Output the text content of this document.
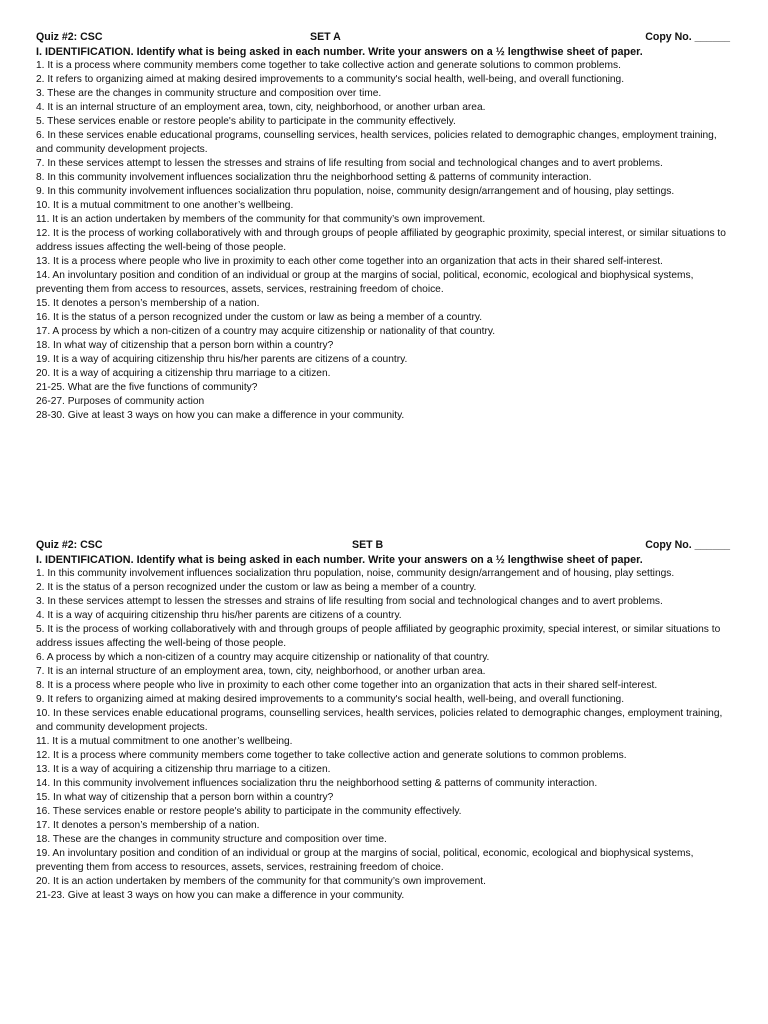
Quiz #2: CSC	SET A	Copy No. ______

I. IDENTIFICATION. Identify what is being asked in each number. Write your answers on a ½ lengthwise sheet of paper.

1. It is a process where community members come together to take collective action and generate solutions to common problems.
2. It refers to organizing aimed at making desired improvements to a community's social health, well-being, and overall functioning.
3. These are the changes in community structure and composition over time.
4. It is an internal structure of an employment area, town, city, neighborhood, or another urban area.
5. These services enable or restore people's ability to participate in the community effectively.
6. In these services enable educational programs, counselling services, health services, policies related to demographic changes, employment training, and community development projects.
7. In these services attempt to lessen the stresses and strains of life resulting from social and technological changes and to avert problems.
8. In this community involvement influences socialization thru the neighborhood setting & patterns of community interaction.
9. In this community involvement influences socialization thru population, noise, community design/arrangement and of housing, play settings.
10. It is a mutual commitment to one another’s wellbeing.
11. It is an action undertaken by members of the community for that community’s own improvement.
12. It is the process of working collaboratively with and through groups of people affiliated by geographic proximity, special interest, or similar situations to address issues affecting the well-being of those people.
13. It is a process where people who live in proximity to each other come together into an organization that acts in their shared self-interest.
14. An involuntary position and condition of an individual or group at the margins of social, political, economic, ecological and biophysical systems, preventing them from access to resources, assets, services, restraining freedom of choice.
15. It denotes a person’s membership of a nation.
16. It is the status of a person recognized under the custom or law as being a member of a country.
17. A process by which a non-citizen of a country may acquire citizenship or nationality of that country.
18. In what way of citizenship that a person born within a country?
19. It is a way of acquiring citizenship thru his/her parents are citizens of a country.
20. It is a way of acquiring a citizenship thru marriage to a citizen.
21-25. What are the five functions of community?
26-27. Purposes of community action
28-30. Give at least 3 ways on how you can make a difference in your community.
Quiz #2: CSC	SET B	Copy No. ______

I. IDENTIFICATION. Identify what is being asked in each number. Write your answers on a ½ lengthwise sheet of paper.

1. In this community involvement influences socialization thru population, noise, community design/arrangement and of housing, play settings.
2. It is the status of a person recognized under the custom or law as being a member of a country.
3. In these services attempt to lessen the stresses and strains of life resulting from social and technological changes and to avert problems.
4. It is a way of acquiring citizenship thru his/her parents are citizens of a country.
5. It is the process of working collaboratively with and through groups of people affiliated by geographic proximity, special interest, or similar situations to address issues affecting the well-being of those people.
6. A process by which a non-citizen of a country may acquire citizenship or nationality of that country.
7. It is an internal structure of an employment area, town, city, neighborhood, or another urban area.
8. It is a process where people who live in proximity to each other come together into an organization that acts in their shared self-interest.
9. It refers to organizing aimed at making desired improvements to a community's social health, well-being, and overall functioning.
10. In these services enable educational programs, counselling services, health services, policies related to demographic changes, employment training, and community development projects.
11. It is a mutual commitment to one another’s wellbeing.
12. It is a process where community members come together to take collective action and generate solutions to common problems.
13. It is a way of acquiring a citizenship thru marriage to a citizen.
14. In this community involvement influences socialization thru the neighborhood setting & patterns of community interaction.
15. In what way of citizenship that a person born within a country?
16. These services enable or restore people's ability to participate in the community effectively.
17. It denotes a person’s membership of a nation.
18. These are the changes in community structure and composition over time.
19. An involuntary position and condition of an individual or group at the margins of social, political, economic, ecological and biophysical systems, preventing them from access to resources, assets, services, restraining freedom of choice.
20. It is an action undertaken by members of the community for that community’s own improvement.
21-23. Give at least 3 ways on how you can make a difference in your community.
